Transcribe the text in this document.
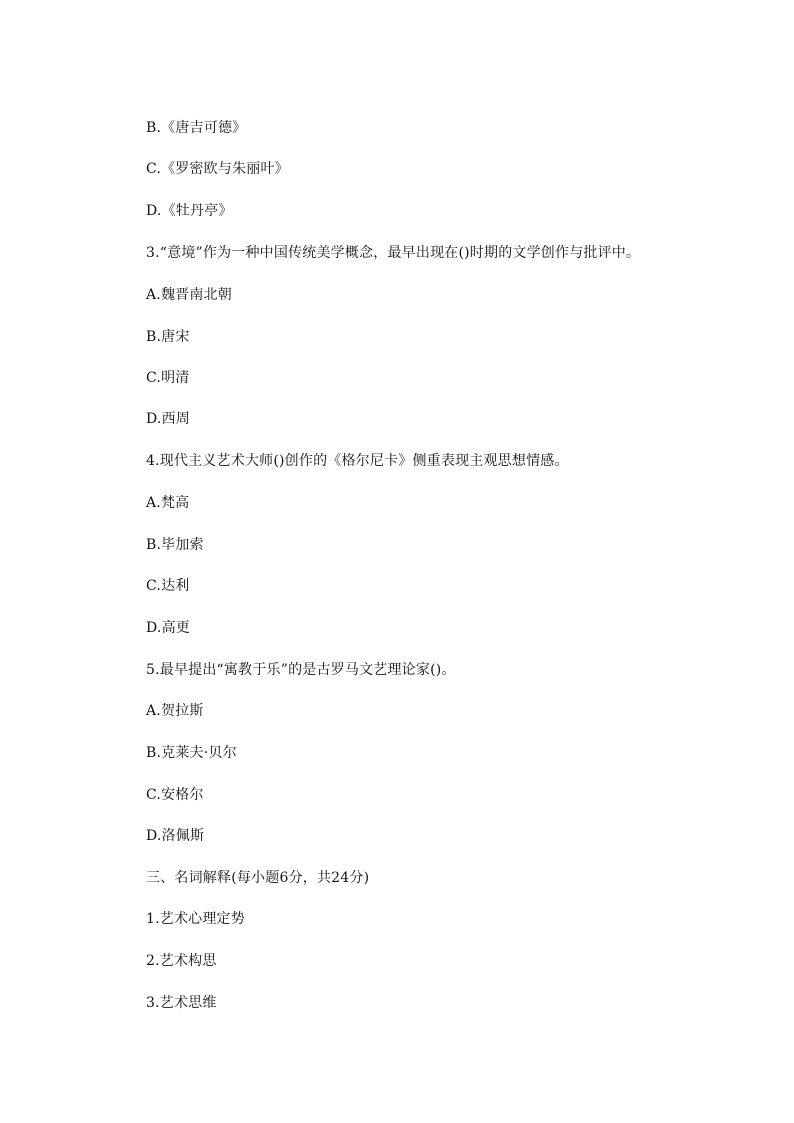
B.《唐吉可德》
C.《罗密欧与朱丽叶》
D.《牡丹亭》
3.“意境”作为一种中国传统美学概念，最早出现在()时期的文学创作与批评中。
A.魏晋南北朝
B.唐宋
C.明清
D.西周
4.现代主义艺术大师()创作的《格尔尼卡》侧重表现主观思想情感。
A.梵高
B.毕加索
C.达利
D.高更
5.最早提出“寓教于乐”的是古罗马文艺理论家()。
A.贺拉斯
B.克莱夫·贝尔
C.安格尔
D.洛佩斯
三、名词解释(每小题6分，共24分)
1.艺术心理定势
2.艺术构思
3.艺术思维
